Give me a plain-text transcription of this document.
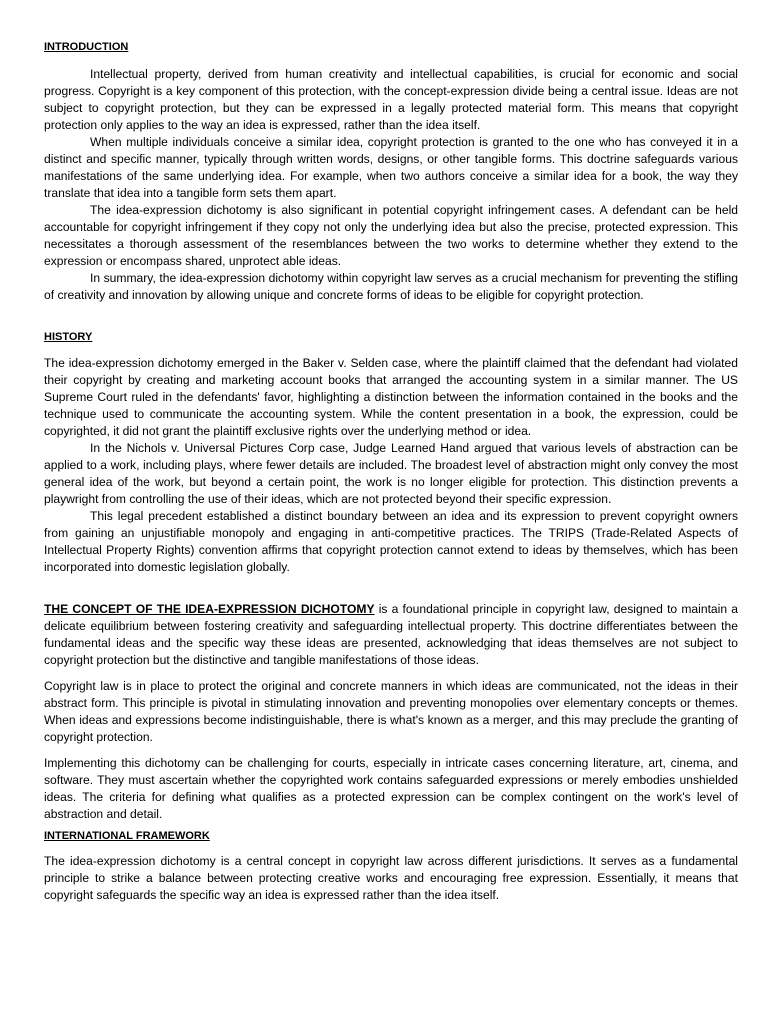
INTRODUCTION

Intellectual property, derived from human creativity and intellectual capabilities, is crucial for economic and social progress. Copyright is a key component of this protection, with the concept-expression divide being a central issue. Ideas are not subject to copyright protection, but they can be expressed in a legally protected material form. This means that copyright protection only applies to the way an idea is expressed, rather than the idea itself.

When multiple individuals conceive a similar idea, copyright protection is granted to the one who has conveyed it in a distinct and specific manner, typically through written words, designs, or other tangible forms. This doctrine safeguards various manifestations of the same underlying idea. For example, when two authors conceive a similar idea for a book, the way they translate that idea into a tangible form sets them apart.

The idea-expression dichotomy is also significant in potential copyright infringement cases. A defendant can be held accountable for copyright infringement if they copy not only the underlying idea but also the precise, protected expression. This necessitates a thorough assessment of the resemblances between the two works to determine whether they extend to the expression or encompass shared, unprotect able ideas.

In summary, the idea-expression dichotomy within copyright law serves as a crucial mechanism for preventing the stifling of creativity and innovation by allowing unique and concrete forms of ideas to be eligible for copyright protection.

HISTORY

The idea-expression dichotomy emerged in the Baker v. Selden case, where the plaintiff claimed that the defendant had violated their copyright by creating and marketing account books that arranged the accounting system in a similar manner. The US Supreme Court ruled in the defendants' favor, highlighting a distinction between the information contained in the books and the technique used to communicate the accounting system. While the content presentation in a book, the expression, could be copyrighted, it did not grant the plaintiff exclusive rights over the underlying method or idea.

In the Nichols v. Universal Pictures Corp case, Judge Learned Hand argued that various levels of abstraction can be applied to a work, including plays, where fewer details are included. The broadest level of abstraction might only convey the most general idea of the work, but beyond a certain point, the work is no longer eligible for protection. This distinction prevents a playwright from controlling the use of their ideas, which are not protected beyond their specific expression.

This legal precedent established a distinct boundary between an idea and its expression to prevent copyright owners from gaining an unjustifiable monopoly and engaging in anti-competitive practices. The TRIPS (Trade-Related Aspects of Intellectual Property Rights) convention affirms that copyright protection cannot extend to ideas by themselves, which has been incorporated into domestic legislation globally.

THE CONCEPT OF THE IDEA-EXPRESSION DICHOTOMY is a foundational principle in copyright law, designed to maintain a delicate equilibrium between fostering creativity and safeguarding intellectual property. This doctrine differentiates between the fundamental ideas and the specific way these ideas are presented, acknowledging that ideas themselves are not subject to copyright protection but the distinctive and tangible manifestations of those ideas.

Copyright law is in place to protect the original and concrete manners in which ideas are communicated, not the ideas in their abstract form. This principle is pivotal in stimulating innovation and preventing monopolies over elementary concepts or themes. When ideas and expressions become indistinguishable, there is what's known as a merger, and this may preclude the granting of copyright protection.

Implementing this dichotomy can be challenging for courts, especially in intricate cases concerning literature, art, cinema, and software. They must ascertain whether the copyrighted work contains safeguarded expressions or merely embodies unshielded ideas. The criteria for defining what qualifies as a protected expression can be complex contingent on the work's level of abstraction and detail.

INTERNATIONAL FRAMEWORK

The idea-expression dichotomy is a central concept in copyright law across different jurisdictions. It serves as a fundamental principle to strike a balance between protecting creative works and encouraging free expression. Essentially, it means that copyright safeguards the specific way an idea is expressed rather than the idea itself.
